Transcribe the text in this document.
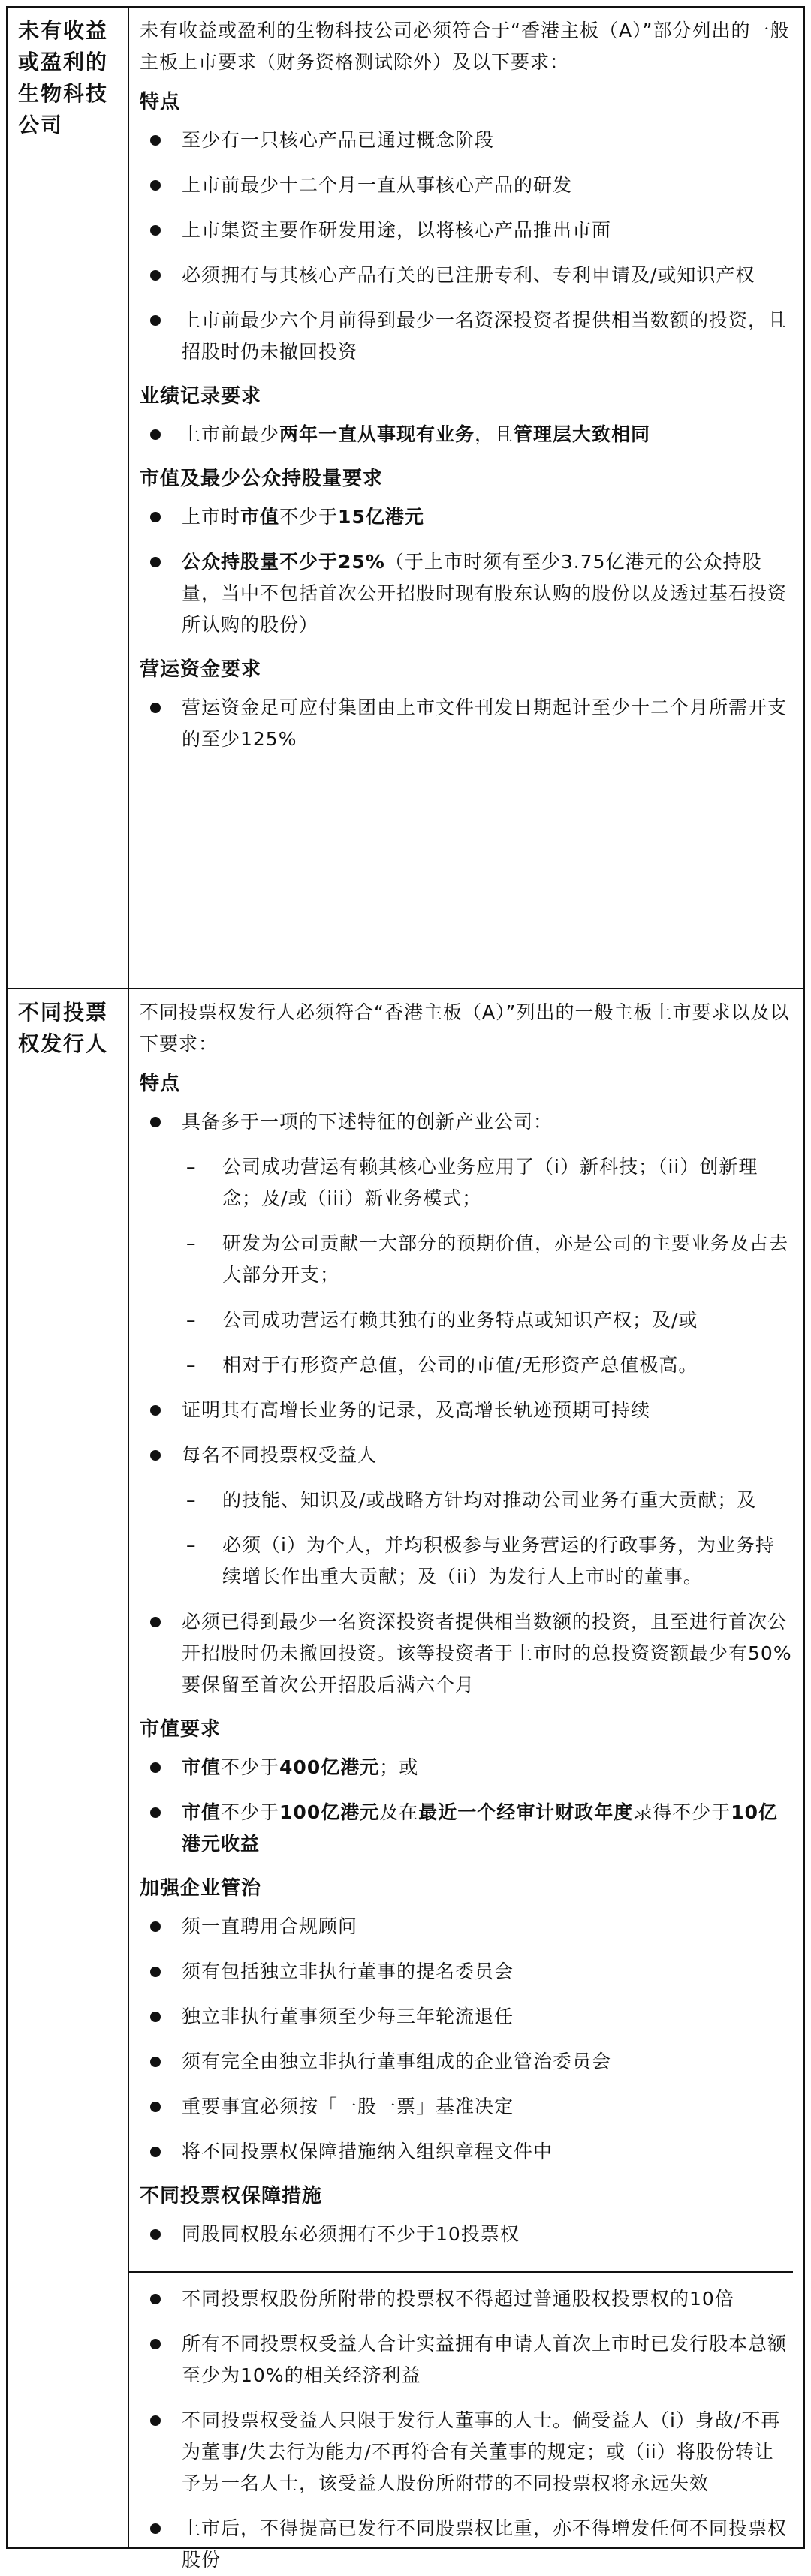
未有收益或盈利的生物科技公司

未有收益或盈利的生物科技公司必须符合于“香港主板（A）”部分列出的一般主板上市要求（财务资格测试除外）及以下要求：

特点
至少有一只核心产品已通过概念阶段
上市前最少十二个月一直从事核心产品的研发
上市集资主要作研发用途，以将核心产品推出市面
必须拥有与其核心产品有关的已注册专利、专利申请及/或知识产权
上市前最少六个月前得到最少一名资深投资者提供相当数额的投资，且招股时仍未撤回投资
业绩记录要求
上市前最少两年一直从事现有业务，且管理层大致相同
市值及最少公众持股量要求
上市时市值不少于15亿港元
公众持股量不少于25%（于上市时须有至少3.75亿港元的公众持股量，当中不包括首次公开招股时现有股东认购的股份以及透过基石投资所认购的股份）
营运资金要求
营运资金足可应付集团由上市文件刊发日期起计至少十二个月所需开支的至少125%
不同投票权发行人

不同投票权发行人必须符合“香港主板（A）”列出的一般主板上市要求以及以下要求：

特点
具备多于一项的下述特征的创新产业公司：
– 公司成功营运有赖其核心业务应用了（i）新科技；（ii）创新理念；及/或（iii）新业务模式；
– 研发为公司贡献一大部分的预期价值，亦是公司的主要业务及占去大部分开支；
– 公司成功营运有赖其独有的业务特点或知识产权；及/或
– 相对于有形资产总值，公司的市值/无形资产总值极高。
证明其有高增长业务的记录，及高增长轨迹预期可持续
每名不同投票权受益人
– 的技能、知识及/或战略方针均对推动公司业务有重大贡献；及
– 必须（i）为个人，并均积极参与业务营运的行政事务，为业务持续增长作出重大贡献；及（ii）为发行人上市时的董事。
必须已得到最少一名资深投资者提供相当数额的投资，且至进行首次公开招股时仍未撤回投资。该等投资者于上市时的总投资资额最少有50%要保留至首次公开招股后满六个月
市值要求
市值不少于400亿港元；或
市值不少于100亿港元及在最近一个经审计财政年度录得不少于10亿港元收益
加强企业管治
须一直聘用合规顾问
须有包括独立非执行董事的提名委员会
独立非执行董事须至少每三年轮流退任
须有完全由独立非执行董事组成的企业管治委员会
重要事宜必须按「一股一票」基准决定
将不同投票权保障措施纳入组织章程文件中
不同投票权保障措施
同股同权股东必须拥有不少于10投票权
不同投票权股份所附带的投票权不得超过普通股权投票权的10倍
所有不同投票权受益人合计实益拥有申请人首次上市时已发行股本总额至少为10%的相关经济利益
不同投票权受益人只限于发行人董事的人士。倘受益人（i）身故/不再为董事/失去行为能力/不再符合有关董事的规定；或（ii）将股份转让予另一名人士，该受益人股份所附带的不同投票权将永远失效
上市后，不得提高已发行不同股票权比重，亦不得增发任何不同投票权股份
